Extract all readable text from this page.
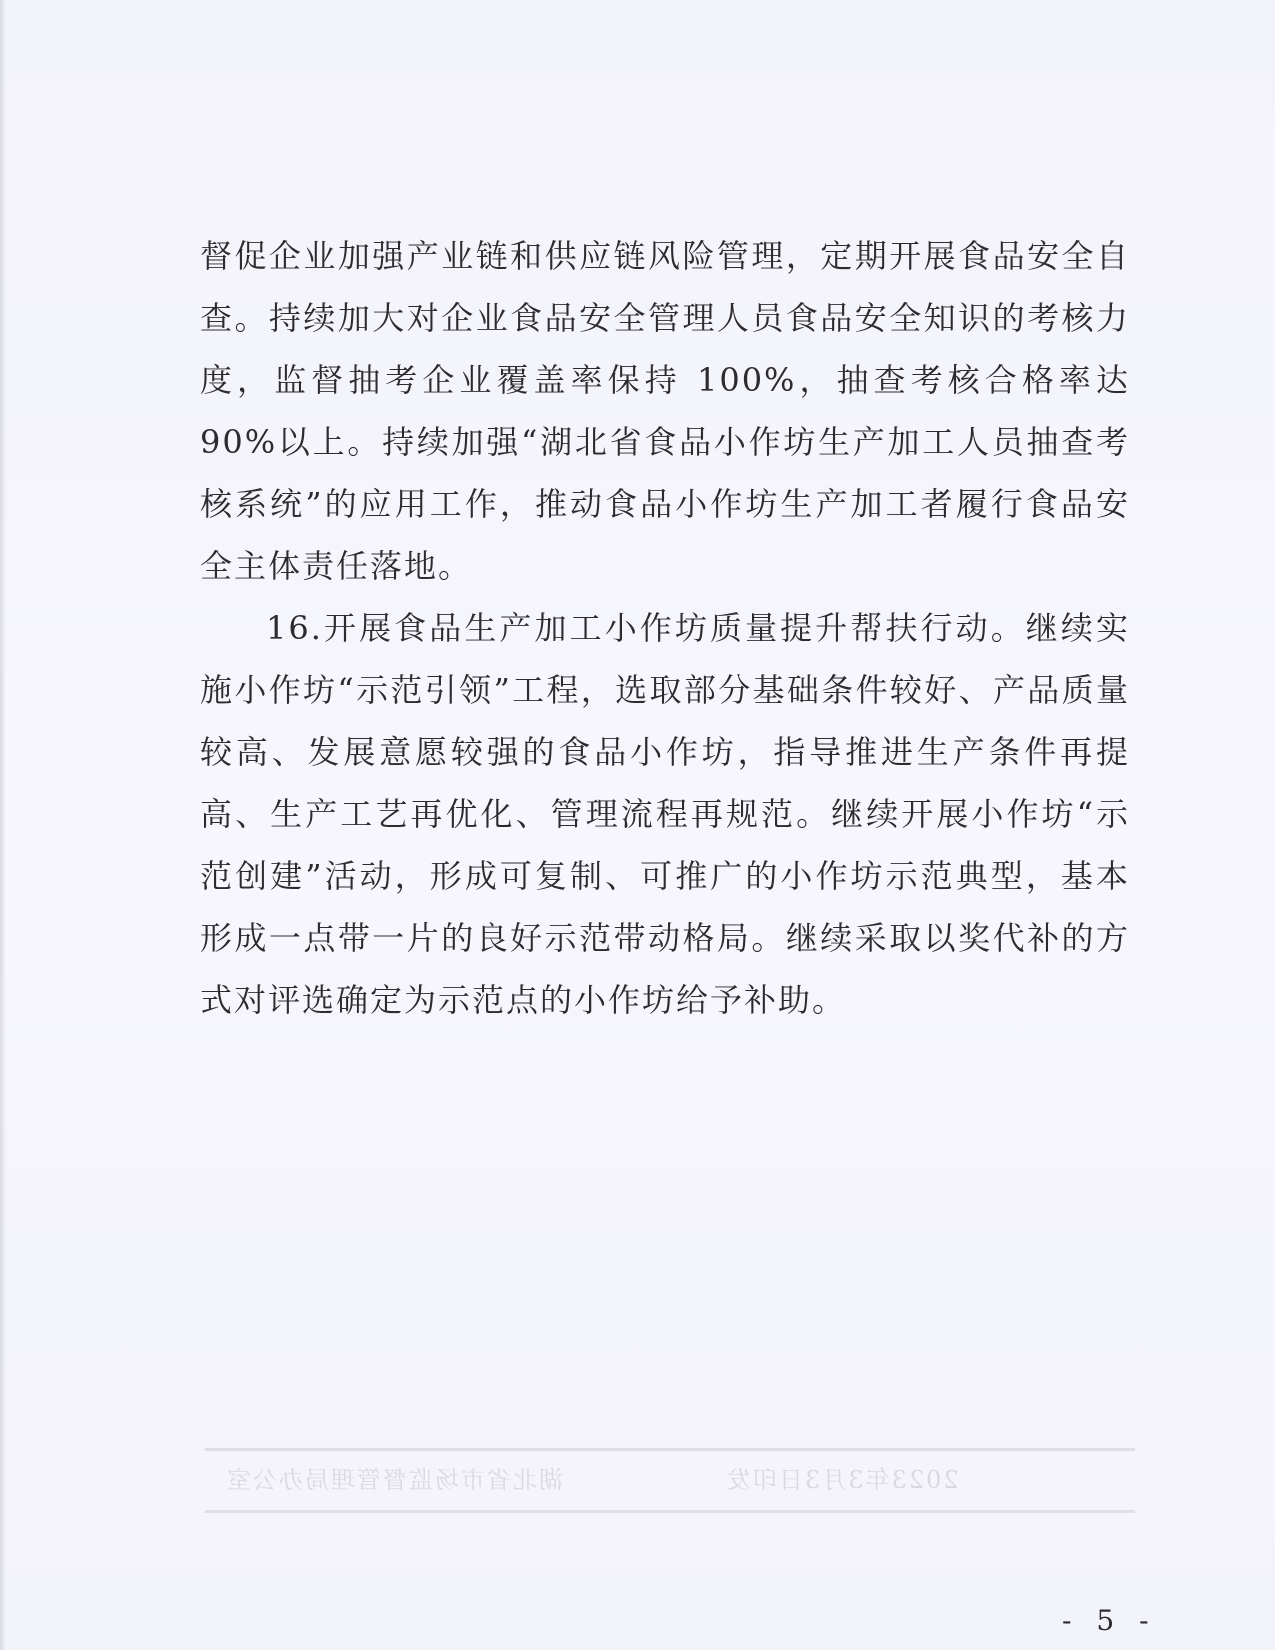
督促企业加强产业链和供应链风险管理，定期开展食品安全自查。持续加大对企业食品安全管理人员食品安全知识的考核力度，监督抽考企业覆盖率保持 100%，抽查考核合格率达 90%以上。持续加强“湖北省食品小作坊生产加工人员抽查考核系统”的应用工作，推动食品小作坊生产加工者履行食品安全主体责任落地。

16.开展食品生产加工小作坊质量提升帮扶行动。继续实施小作坊“示范引领”工程，选取部分基础条件较好、产品质量较高、发展意愿较强的食品小作坊，指导推进生产条件再提高、生产工艺再优化、管理流程再规范。继续开展小作坊“示范创建”活动，形成可复制、可推广的小作坊示范典型，基本形成一点带一片的良好示范带动格局。继续采取以奖代补的方式对评选确定为示范点的小作坊给予补助。

湖北省市场监督管理局办公室	2023年3月3日印发
- 5 -
